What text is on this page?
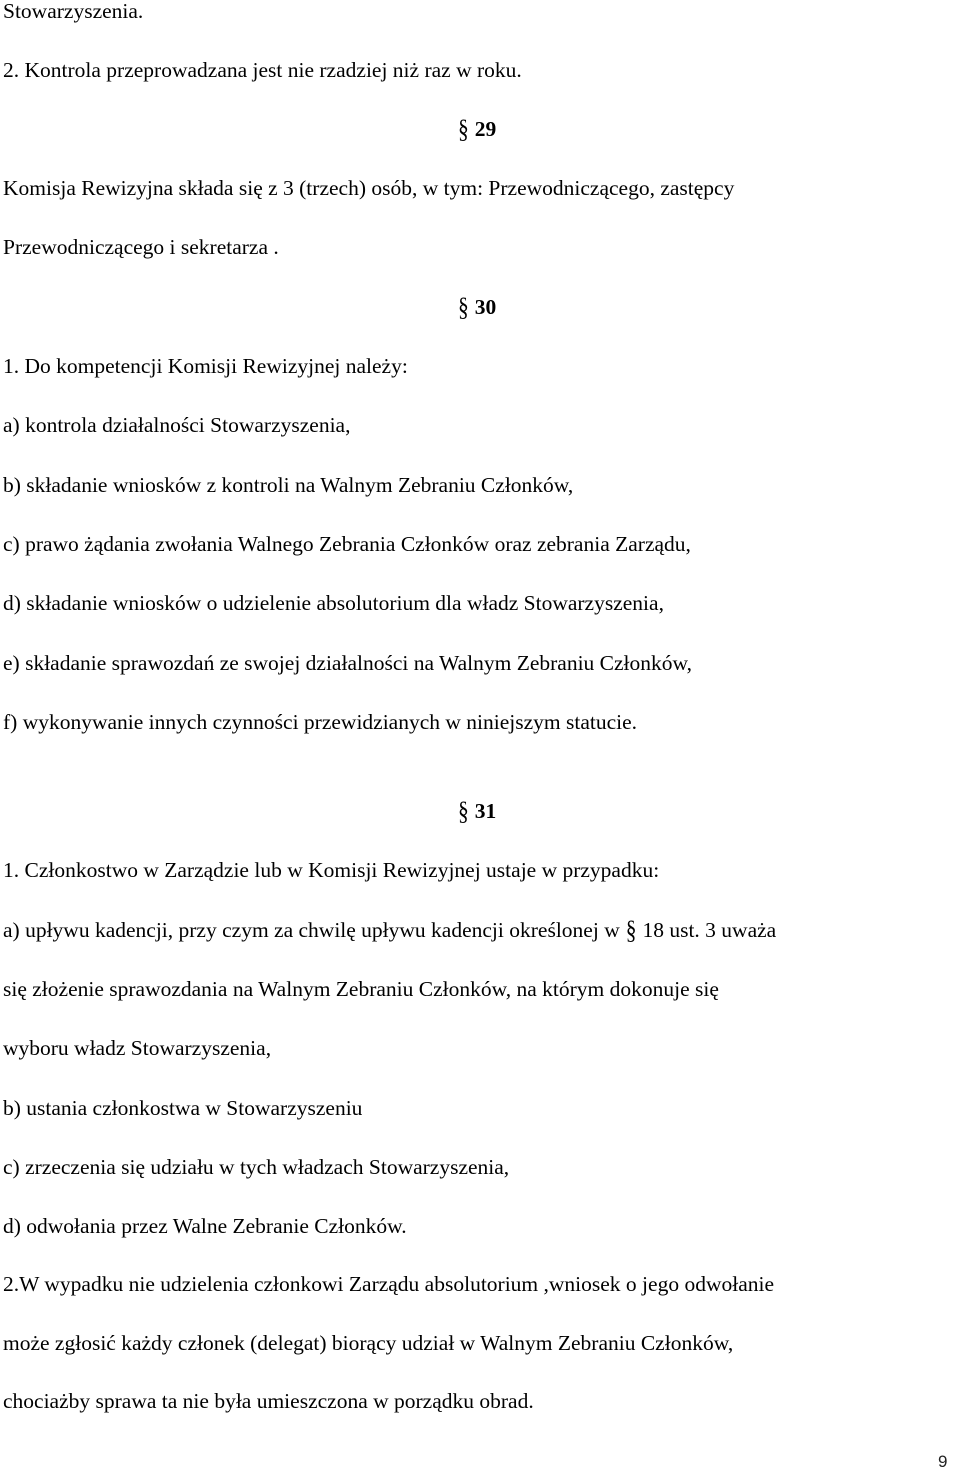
Stowarzyszenia.
2. Kontrola przeprowadzana jest nie rzadziej niż raz w roku.
§ 29
Komisja Rewizyjna składa się z 3 (trzech) osób, w tym: Przewodniczącego, zastępcy
Przewodniczącego i sekretarza .
§ 30
1. Do kompetencji Komisji Rewizyjnej należy:
a) kontrola działalności Stowarzyszenia,
b) składanie wniosków z kontroli na Walnym Zebraniu Członków,
c) prawo żądania zwołania Walnego Zebrania Członków oraz zebrania Zarządu,
d) składanie wniosków o udzielenie absolutorium dla władz Stowarzyszenia,
e) składanie sprawozdań ze swojej działalności na Walnym Zebraniu Członków,
f) wykonywanie innych czynności przewidzianych w niniejszym statucie.
§ 31
1. Członkostwo w Zarządzie lub w Komisji Rewizyjnej ustaje w przypadku:
a) upływu kadencji, przy czym za chwilę upływu kadencji określonej w § 18 ust. 3 uważa
się złożenie sprawozdania na Walnym Zebraniu Członków, na którym dokonuje się
wyboru władz Stowarzyszenia,
b) ustania członkostwa w Stowarzyszeniu
c) zrzeczenia się udziału w tych władzach Stowarzyszenia,
d) odwołania przez Walne Zebranie Członków.
2.W wypadku nie udzielenia członkowi Zarządu absolutorium ,wniosek o jego odwołanie
może zgłosić każdy członek (delegat) biorący udział w Walnym Zebraniu Członków,
chociażby sprawa ta nie była umieszczona w porządku obrad.
9
